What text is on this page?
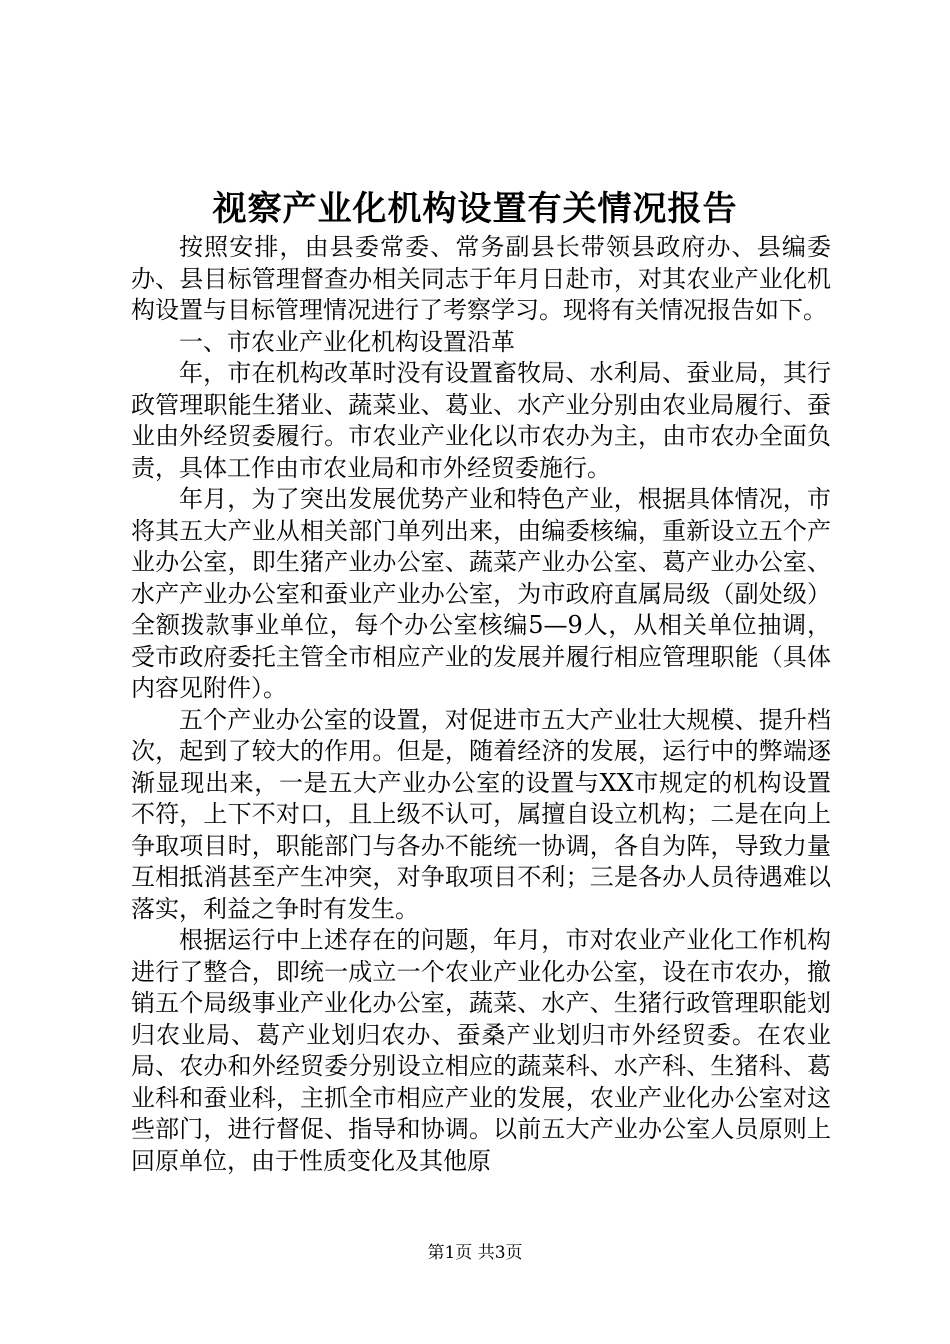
视察产业化机构设置有关情况报告

按照安排，由县委常委、常务副县长带领县政府办、县编委办、县目标管理督查办相关同志于年月日赴市，对其农业产业化机构设置与目标管理情况进行了考察学习。现将有关情况报告如下。

一、市农业产业化机构设置沿革

年，市在机构改革时没有设置畜牧局、水利局、蚕业局，其行政管理职能生猪业、蔬菜业、葛业、水产业分别由农业局履行、蚕业由外经贸委履行。市农业产业化以市农办为主，由市农办全面负责，具体工作由市农业局和市外经贸委施行。

年月，为了突出发展优势产业和特色产业，根据具体情况，市将其五大产业从相关部门单列出来，由编委核编，重新设立五个产业办公室，即生猪产业办公室、蔬菜产业办公室、葛产业办公室、水产产业办公室和蚕业产业办公室，为市政府直属局级（副处级）全额拨款事业单位，每个办公室核编5—9人，从相关单位抽调，受市政府委托主管全市相应产业的发展并履行相应管理职能（具体内容见附件）。

五个产业办公室的设置，对促进市五大产业壮大规模、提升档次，起到了较大的作用。但是，随着经济的发展，运行中的弊端逐渐显现出来，一是五大产业办公室的设置与XX市规定的机构设置不符，上下不对口，且上级不认可，属擅自设立机构；二是在向上争取项目时，职能部门与各办不能统一协调，各自为阵，导致力量互相抵消甚至产生冲突，对争取项目不利；三是各办人员待遇难以落实，利益之争时有发生。

根据运行中上述存在的问题，年月，市对农业产业化工作机构进行了整合，即统一成立一个农业产业化办公室，设在市农办，撤销五个局级事业产业化办公室，蔬菜、水产、生猪行政管理职能划归农业局、葛产业划归农办、蚕桑产业划归市外经贸委。在农业局、农办和外经贸委分别设立相应的蔬菜科、水产科、生猪科、葛业科和蚕业科，主抓全市相应产业的发展，农业产业化办公室对这些部门，进行督促、指导和协调。以前五大产业办公室人员原则上回原单位，由于性质变化及其他原

第1页 共3页
